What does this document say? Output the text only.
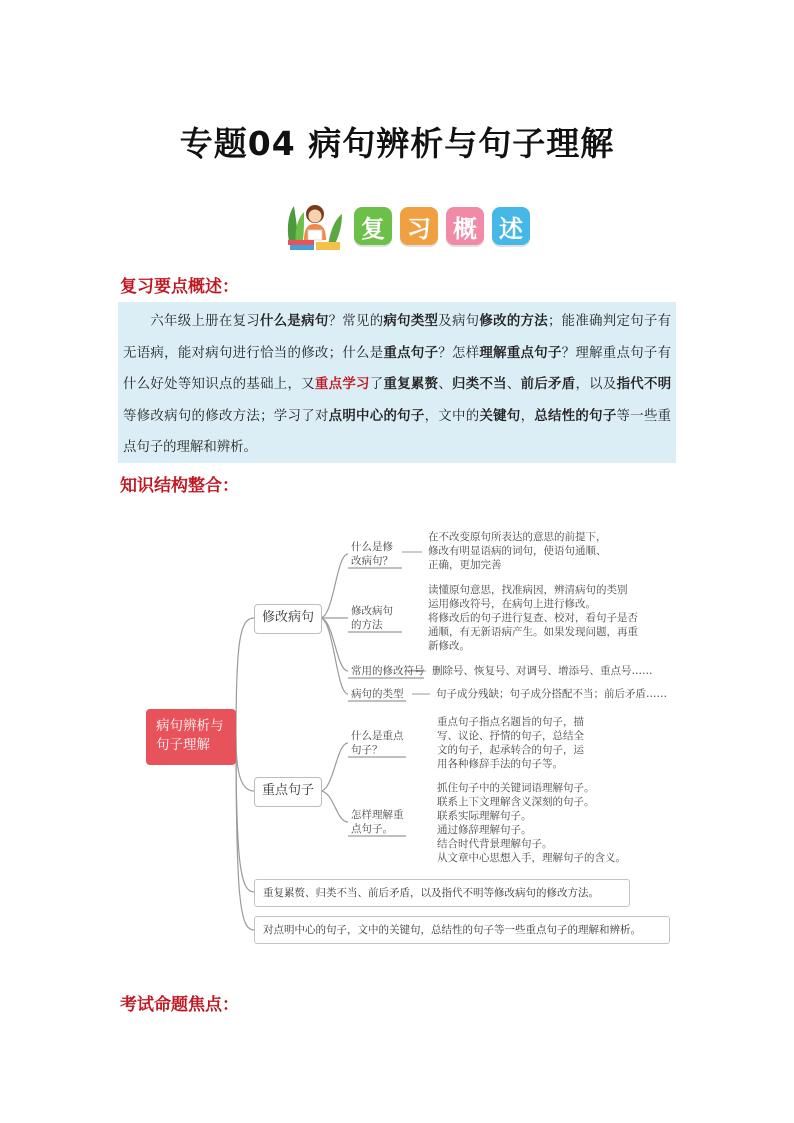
专题04 病句辨析与句子理解
复 习 概 述
复习要点概述：
六年级上册在复习什么是病句？常见的病句类型及病句修改的方法；能准确判定句子有无语病，能对病句进行恰当的修改；什么是重点句子？怎样理解重点句子？理解重点句子有什么好处等知识点的基础上，又重点学习了重复累赘、归类不当、前后矛盾，以及指代不明等修改病句的修改方法；学习了对点明中心的句子，文中的关键句，总结性的句子等一些重点句子的理解和辨析。
知识结构整合：
病句辨析与
句子理解
修改病句
重点句子
什么是修
改病句？
在不改变原句所表达的意思的前提下，
修改有明显语病的词句，使语句通顺、
正确，更加完善
修改病句
的方法
读懂原句意思，找准病因，辨清病句的类别
运用修改符号，在病句上进行修改。
将修改后的句子进行复查、校对，看句子是否
通顺，有无新语病产生。如果发现问题，再重
新修改。
常用的修改符号 删除号、恢复号、对调号、增添号、重点号……
病句的类型	句子成分残缺；句子成分搭配不当；前后矛盾……
什么是重点
句子？
重点句子指点名题旨的句子，描
写、议论、抒情的句子，总结全
文的句子，起承转合的句子，运
用各种修辞手法的句子等。
怎样理解重
点句子。
抓住句子中的关键词语理解句子。
联系上下文理解含义深刻的句子。
联系实际理解句子。
通过修辞理解句子。
结合时代背景理解句子。
从文章中心思想入手，理解句子的含义。
重复累赘、归类不当、前后矛盾，以及指代不明等修改病句的修改方法。
对点明中心的句子，文中的关键句，总结性的句子等一些重点句子的理解和辨析。
考试命题焦点：
